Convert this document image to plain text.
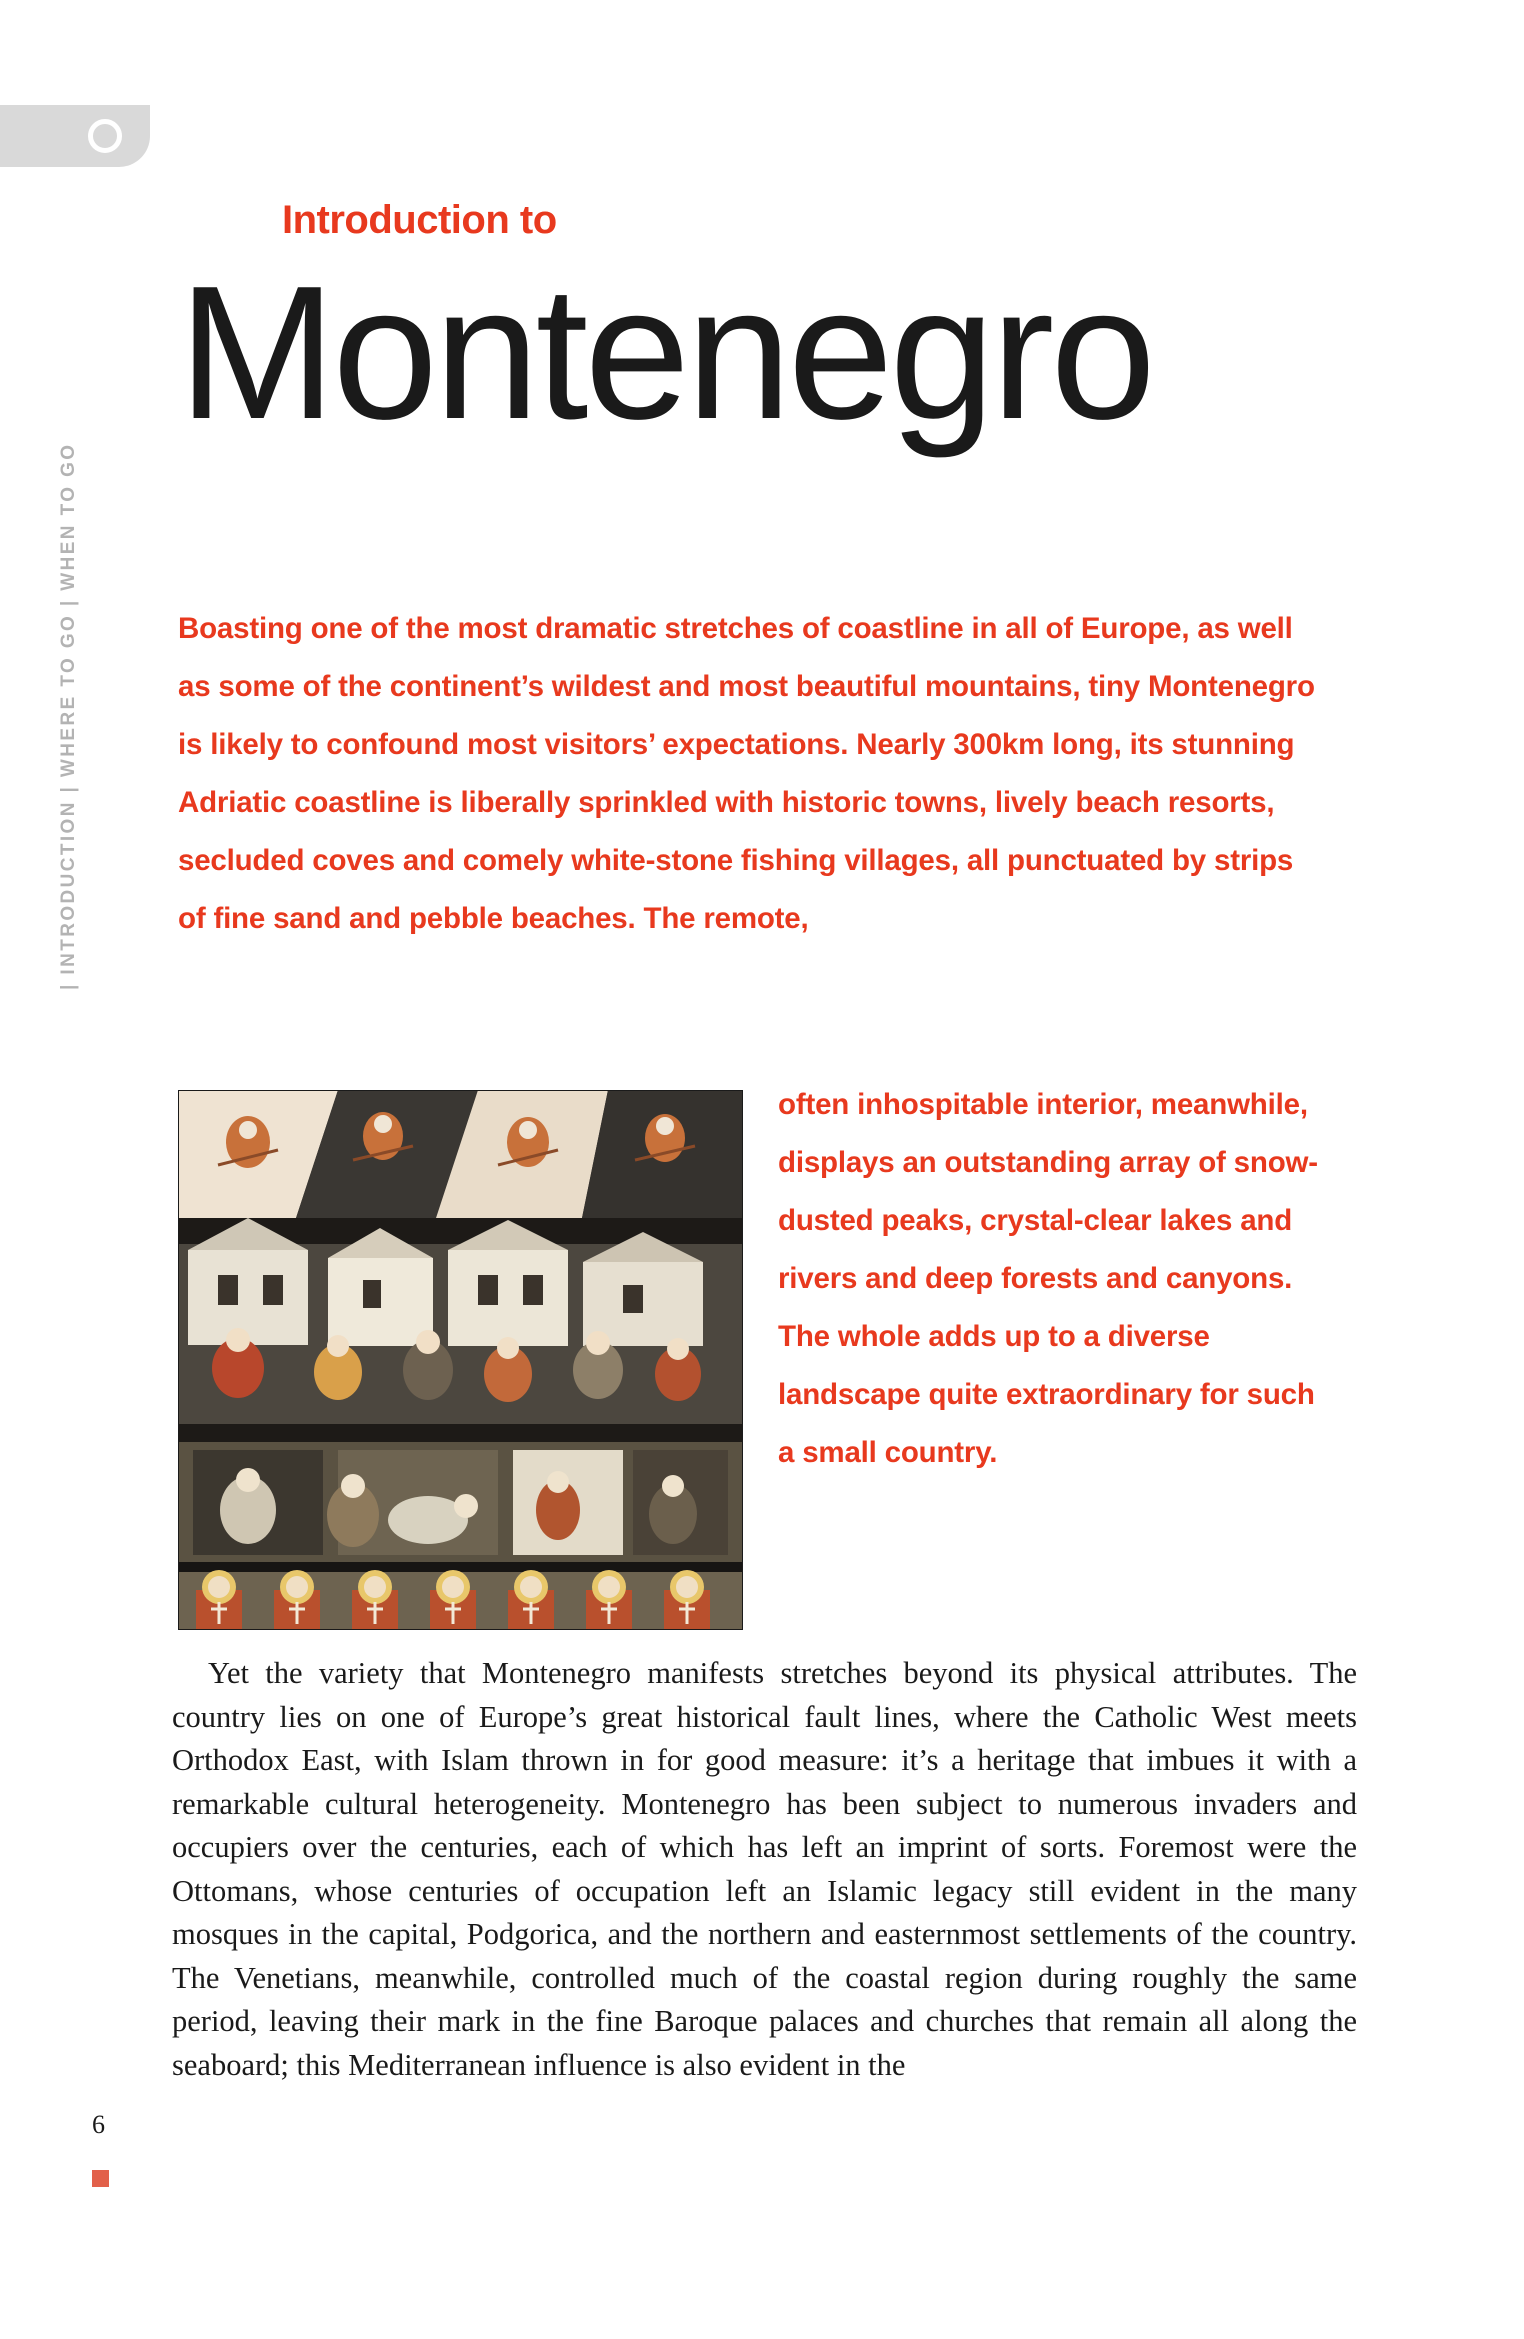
| INTRODUCTION | WHERE TO GO | WHEN TO GO
Introduction to
Montenegro
Boasting one of the most dramatic stretches of coastline in all of Europe, as well as some of the continent’s wildest and most beautiful mountains, tiny Montenegro is likely to confound most visitors’ expectations. Nearly 300km long, its stunning Adriatic coastline is liberally sprinkled with historic towns, lively beach resorts, secluded coves and comely white-stone fishing villages, all punctuated by strips of fine sand and pebble beaches. The remote,
often inhospitable interior, meanwhile, displays an outstanding array of snow-dusted peaks, crystal-clear lakes and rivers and deep forests and canyons. The whole adds up to a diverse landscape quite extraordinary for such a small country.
Yet the variety that Montenegro manifests stretches beyond its physical attributes. The country lies on one of Europe’s great historical fault lines, where the Catholic West meets Orthodox East, with Islam thrown in for good measure: it’s a heritage that imbues it with a remarkable cultural heterogeneity. Montenegro has been subject to numerous invaders and occupiers over the centuries, each of which has left an imprint of sorts. Foremost were the Ottomans, whose centuries of occupation left an Islamic legacy still evident in the many mosques in the capital, Podgorica, and the northern and easternmost settlements of the country. The Venetians, meanwhile, controlled much of the coastal region during roughly the same period, leaving their mark in the fine Baroque palaces and churches that remain all along the seaboard; this Mediterranean influence is also evident in the
6
